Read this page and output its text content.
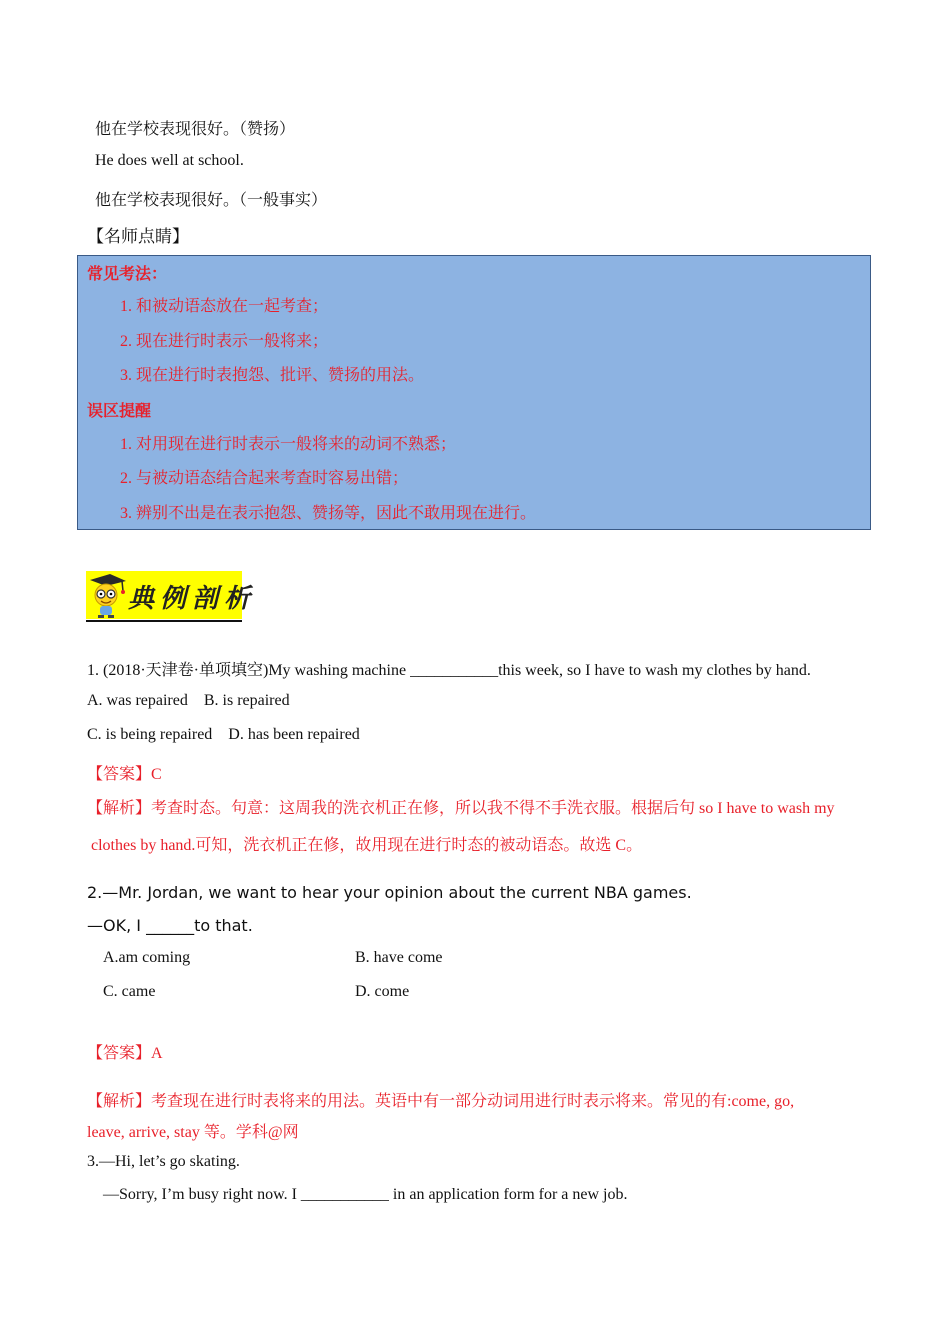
他在学校表现很好。（赞扬）
He does well at school.
他在学校表现很好。（一般事实）
【名师点睛】
常见考法：
1. 和被动语态放在一起考查；
2. 现在进行时表示一般将来；
3. 现在进行时表抱怨、批评、赞扬的用法。
误区提醒
1. 对用现在进行时表示一般将来的动词不熟悉；
2. 与被动语态结合起来考查时容易出错；
3. 辨别不出是在表示抱怨、赞扬等，因此不敢用现在进行。
典例剖析
1. (2018·天津卷·单项填空)My washing machine ___________this week, so I have to wash my clothes by hand.
A. was repaired    B. is repaired
C. is being repaired    D. has been repaired
【答案】C
【解析】考查时态。句意：这周我的洗衣机正在修，所以我不得不手洗衣服。根据后句 so I have to wash my
clothes by hand.可知，洗衣机正在修，故用现在进行时态的被动语态。故选 C。
2.—Mr. Jordan, we want to hear your opinion about the current NBA games.
—OK, I ______to that.
A.am coming	B. have come
C. came	D. come
【答案】A
【解析】考查现在进行时表将来的用法。英语中有一部分动词用进行时表示将来。常见的有:come, go,
leave, arrive, stay 等。学科@网
3.—Hi, let’s go skating.
—Sorry, I’m busy right now. I ___________ in an application form for a new job.
